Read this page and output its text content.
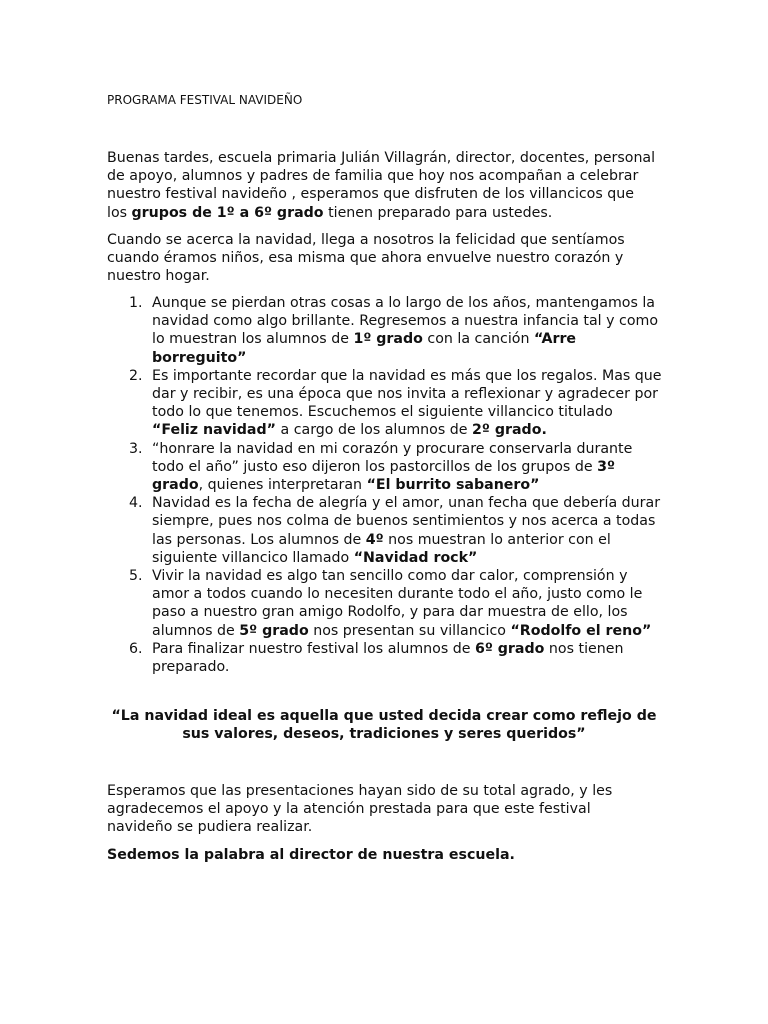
PROGRAMA FESTIVAL NAVIDEÑO

Buenas tardes, escuela primaria Julián Villagrán, director, docentes, personal de apoyo, alumnos y padres de familia que hoy nos acompañan a celebrar nuestro festival navideño , esperamos que disfruten de los villancicos que los grupos de 1º a 6º grado tienen preparado para ustedes.

Cuando se acerca la navidad, llega a nosotros la felicidad que sentíamos cuando éramos niños, esa misma que ahora envuelve nuestro corazón y nuestro hogar.

1. Aunque se pierdan otras cosas a lo largo de los años, mantengamos la navidad como algo brillante. Regresemos a nuestra infancia tal y como lo muestran los alumnos de 1º grado con la canción “Arre borreguito”
2. Es importante recordar que la navidad es más que los regalos. Mas que dar y recibir, es una época que nos invita a reflexionar y agradecer por todo lo que tenemos. Escuchemos el siguiente villancico titulado “Feliz navidad” a cargo de los alumnos de 2º grado.
3. “honrare la navidad en mi corazón y procurare conservarla durante todo el año” justo eso dijeron los pastorcillos de los grupos de 3º grado, quienes interpretaran “El burrito sabanero”
4. Navidad es la fecha de alegría y el amor, unan fecha que debería durar siempre, pues nos colma de buenos sentimientos y nos acerca a todas las personas. Los alumnos de 4º nos muestran lo anterior con el siguiente villancico llamado “Navidad rock”
5. Vivir la navidad es algo tan sencillo como dar calor, comprensión y amor a todos cuando lo necesiten durante todo el año, justo como le paso a nuestro gran amigo Rodolfo, y para dar muestra de ello, los alumnos de 5º grado nos presentan su villancico “Rodolfo el reno”
6. Para finalizar nuestro festival los alumnos de 6º grado nos tienen preparado.

“La navidad ideal es aquella que usted decida crear como reflejo de sus valores, deseos, tradiciones y seres queridos”

Esperamos que las presentaciones hayan sido de su total agrado, y les agradecemos el apoyo y la atención prestada para que este festival navideño se pudiera realizar.

Sedemos la palabra al director de nuestra escuela.
